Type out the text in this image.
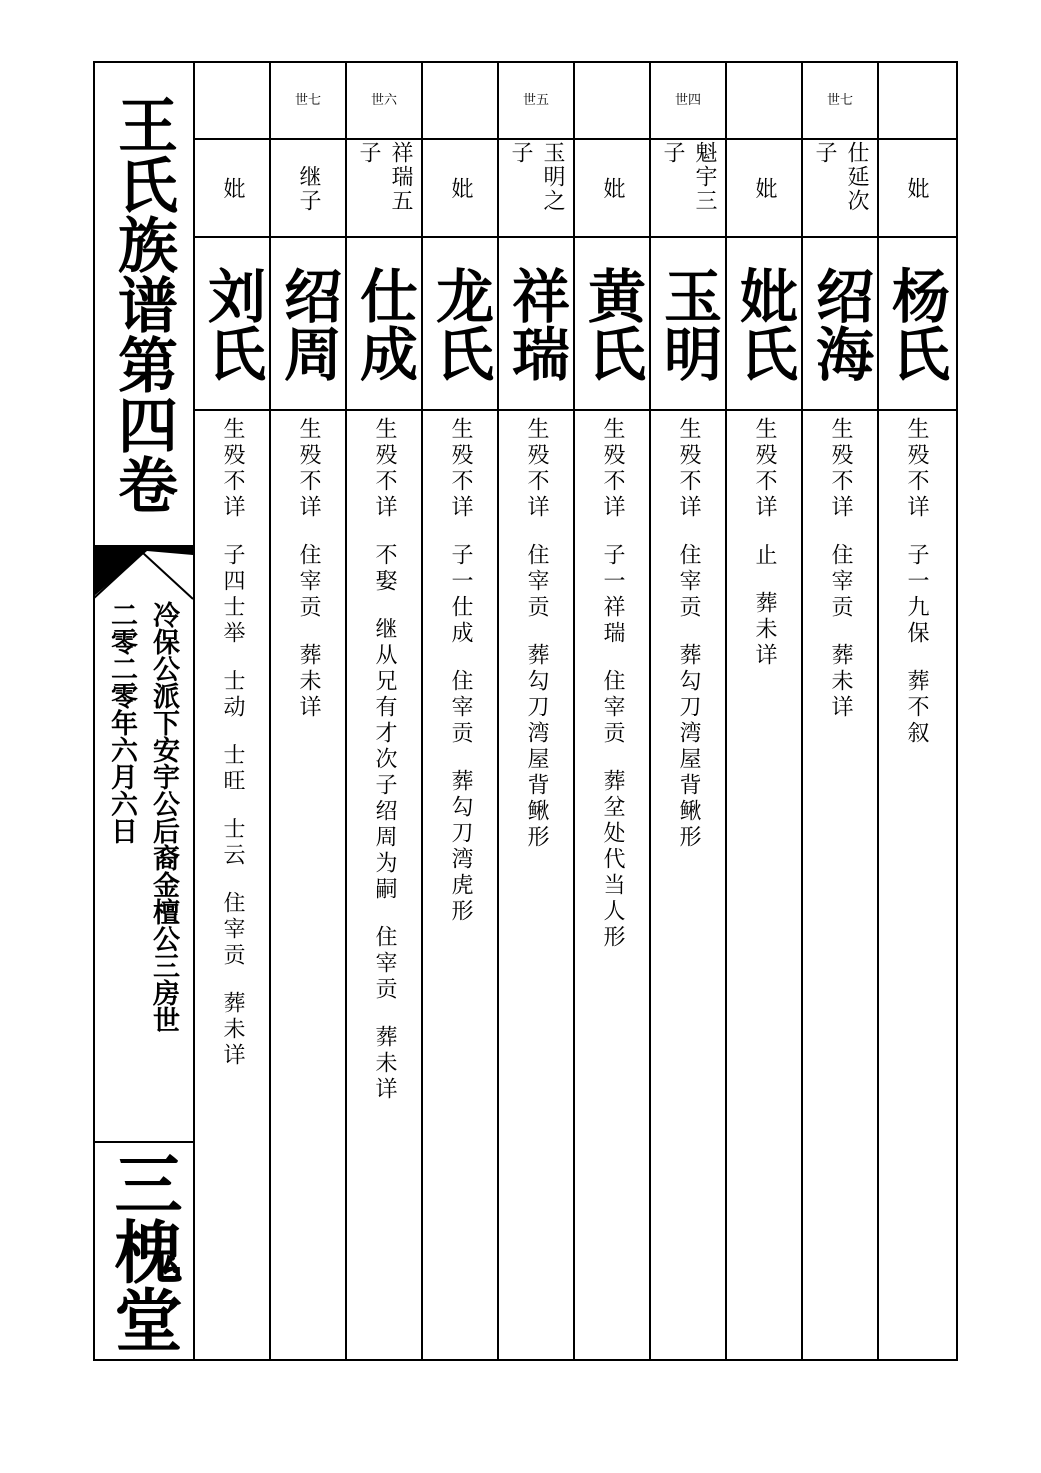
王氏族谱第四卷
冷保公派下安宇公后裔金檀公三房世
二零二零年六月六日
三槐堂
妣
刘氏
生殁不详  子四士举  士动  士旺  士云  住宰贡  葬未详
世七
继子
绍周
生殁不详  住宰贡  葬未详
世六
祥瑞五子
仕成
生殁不详  不娶  继从兄有才次子绍周为嗣  住宰贡  葬未详
妣
龙氏
生殁不详  子一仕成  住宰贡  葬勾刀湾虎形
世五
玉明之子
祥瑞
生殁不详  住宰贡  葬勾刀湾屋背鳅形
妣
黄氏
生殁不详  子一祥瑞  住宰贡  葬坌处代当人形
世四
魁宇三子
玉明
生殁不详  住宰贡  葬勾刀湾屋背鳅形
妣
妣氏
生殁不详  止  葬未详
世七
仕延次子
绍海
生殁不详  住宰贡  葬未详
妣
杨氏
生殁不详  子一九保  葬不叙
